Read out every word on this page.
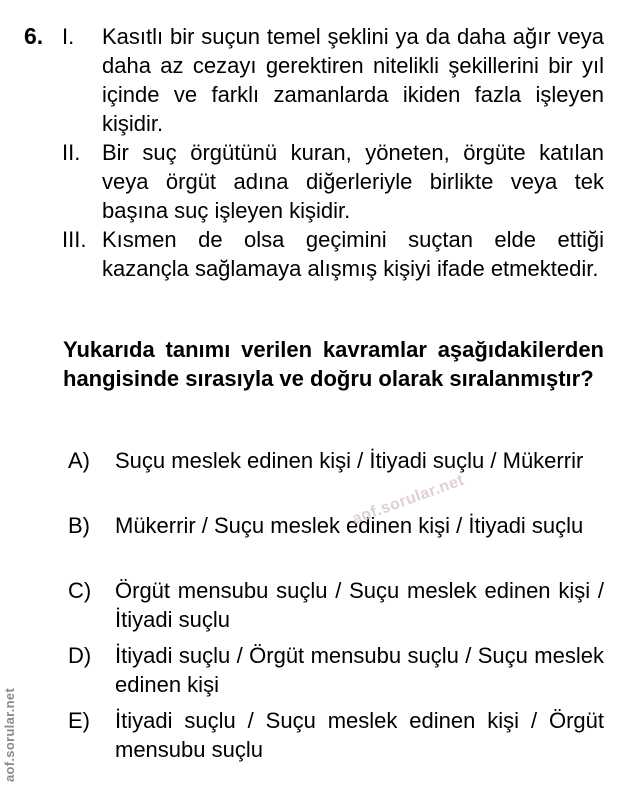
6. I. Kasıtlı bir suçun temel şeklini ya da daha ağır veya daha az cezayı gerektiren nitelikli şekillerini bir yıl içinde ve farklı zamanlarda ikiden fazla işleyen kişidir.
II. Bir suç örgütünü kuran, yöneten, örgüte katılan veya örgüt adına diğerleriyle birlikte veya tek başına suç işleyen kişidir.
III. Kısmen de olsa geçimini suçtan elde ettiği kazançla sağlamaya alışmış kişiyi ifade etmektedir.
Yukarıda tanımı verilen kavramlar aşağıdakilerden hangisinde sırasıyla ve doğru olarak sıralanmıştır?
A) Suçu meslek edinen kişi / İtiyadi suçlu / Mükerrir
B) Mükerrir / Suçu meslek edinen kişi / İtiyadi suçlu
C) Örgüt mensubu suçlu / Suçu meslek edinen kişi / İtiyadi suçlu
D) İtiyadi suçlu / Örgüt mensubu suçlu / Suçu meslek edinen kişi
E) İtiyadi suçlu / Suçu meslek edinen kişi / Örgüt mensubu suçlu
aof.sorular.net
aof.sorular.net
